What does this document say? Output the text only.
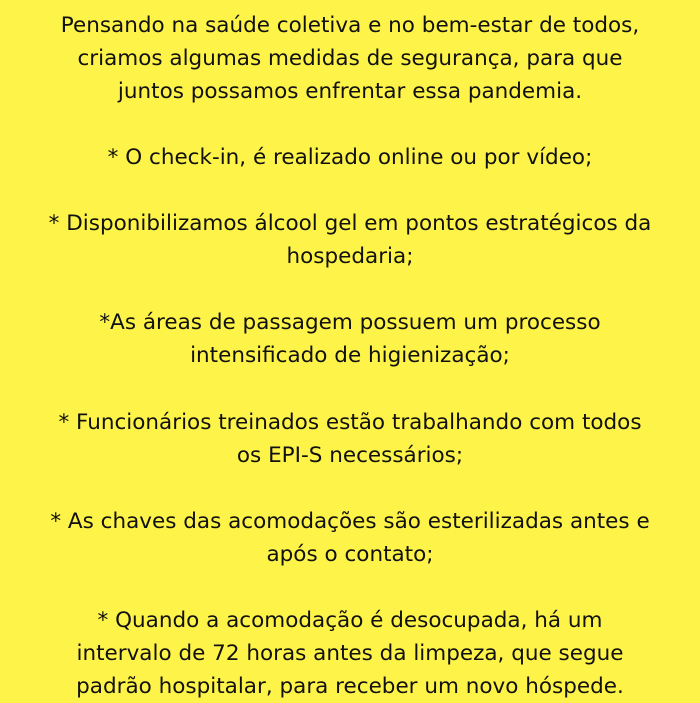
Pensando na saúde coletiva e no bem-estar de todos,
criamos algumas medidas de segurança, para que
juntos possamos enfrentar essa pandemia.

* O check-in, é realizado online ou por vídeo;

* Disponibilizamos álcool gel em pontos estratégicos da
hospedaria;

*As áreas de passagem possuem um processo
intensificado de higienização;

* Funcionários treinados estão trabalhando com todos
os EPI-S necessários;

* As chaves das acomodações são esterilizadas antes e
após o contato;

* Quando a acomodação é desocupada, há um
intervalo de 72 horas antes da limpeza, que segue
padrão hospitalar, para receber um novo hóspede.
